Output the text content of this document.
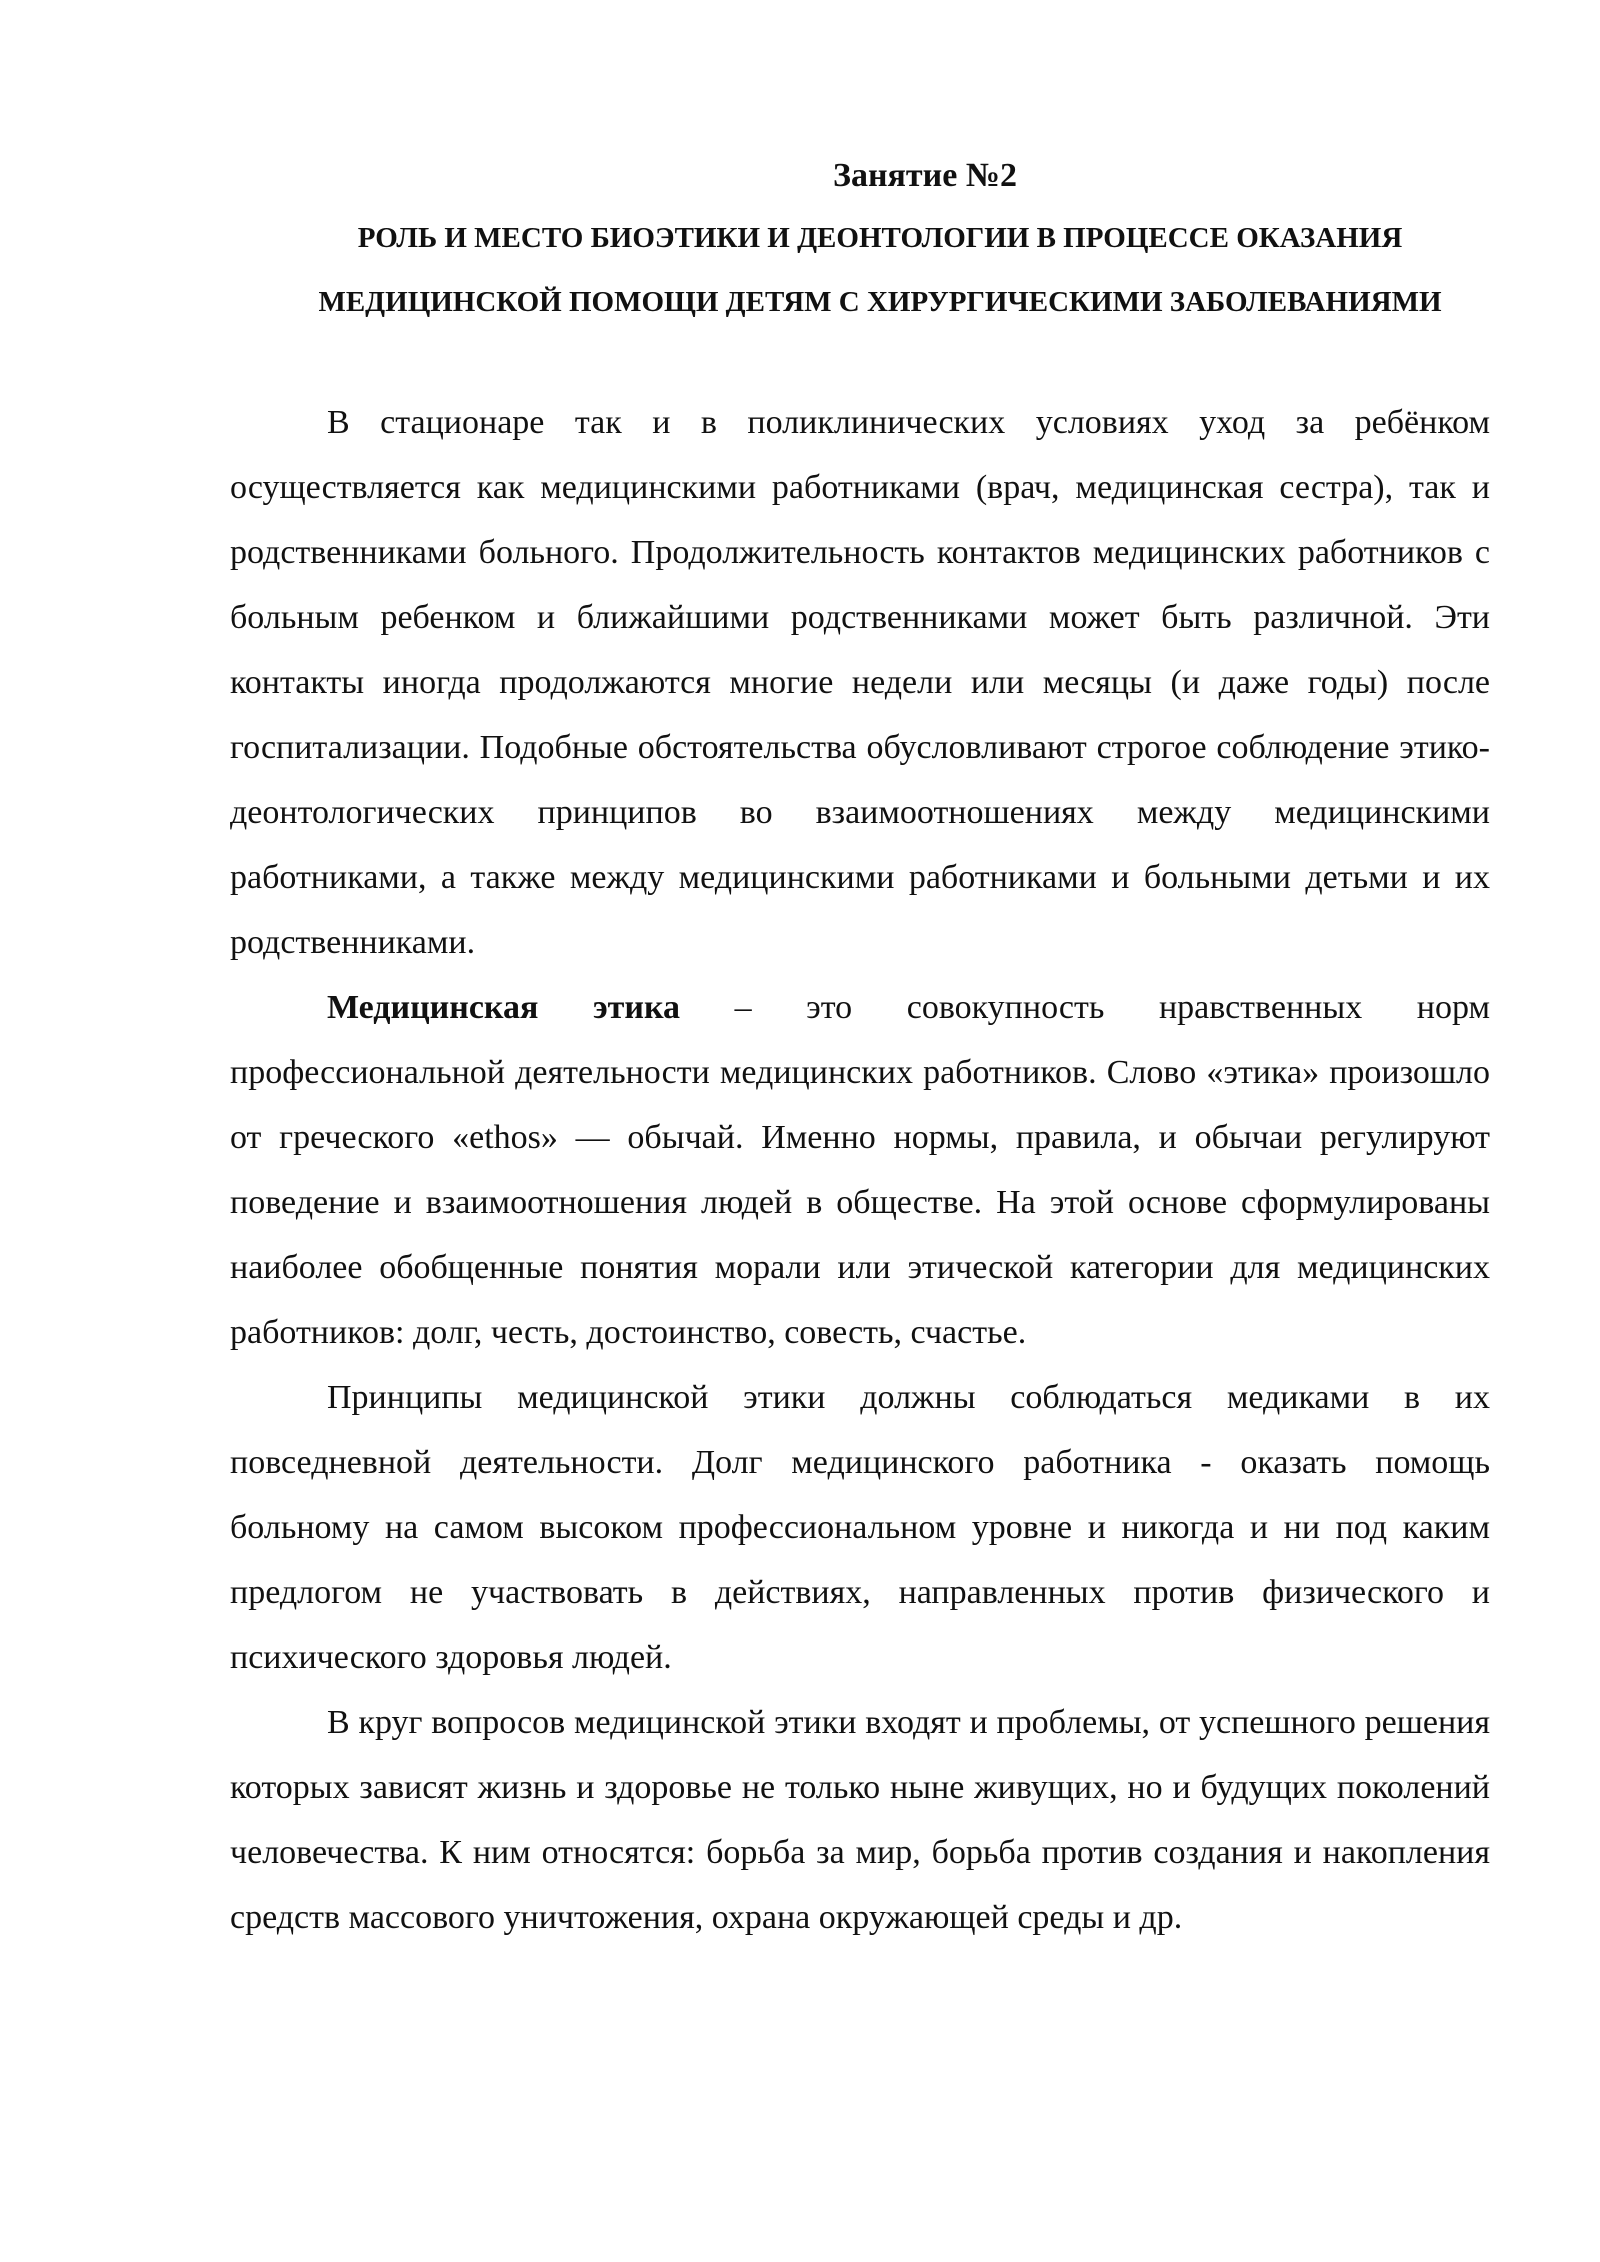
Занятие №2
РОЛЬ И МЕСТО БИОЭТИКИ И ДЕОНТОЛОГИИ В ПРОЦЕССЕ ОКАЗАНИЯ
МЕДИЦИНСКОЙ ПОМОЩИ ДЕТЯМ С ХИРУРГИЧЕСКИМИ ЗАБОЛЕВАНИЯМИ

В стационаре так и в поликлинических условиях уход за ребёнком осуществляется как медицинскими работниками (врач, медицинская сестра), так и родственниками больного. Продолжительность контактов медицинских работников с больным ребенком и ближайшими родственниками может быть различной. Эти контакты иногда продолжаются многие недели или месяцы (и даже годы) после госпитализации. Подобные обстоятельства обусловливают строгое соблюдение этико-деонтологических принципов во взаимоотношениях между медицинскими работниками, а также между медицинскими работниками и больными детьми и их родственниками.

Медицинская этика – это совокупность нравственных норм профессиональной деятельности медицинских работников. Слово «этика» произошло от греческого «ethos» — обычай. Именно нормы, правила, и обычаи регулируют поведение и взаимоотношения людей в обществе. На этой основе сформулированы наиболее обобщенные понятия морали или этической категории для медицинских работников: долг, честь, достоинство, совесть, счастье.

Принципы медицинской этики должны соблюдаться медиками в их повседневной деятельности. Долг медицинского работника - оказать помощь больному на самом высоком профессиональном уровне и никогда и ни под каким предлогом не участвовать в действиях, направленных против физического и психического здоровья людей.

В круг вопросов медицинской этики входят и проблемы, от успешного решения которых зависят жизнь и здоровье не только ныне живущих, но и будущих поколений человечества. К ним относятся: борьба за мир, борьба против создания и накопления средств массового уничтожения, охрана окружающей среды и др.
